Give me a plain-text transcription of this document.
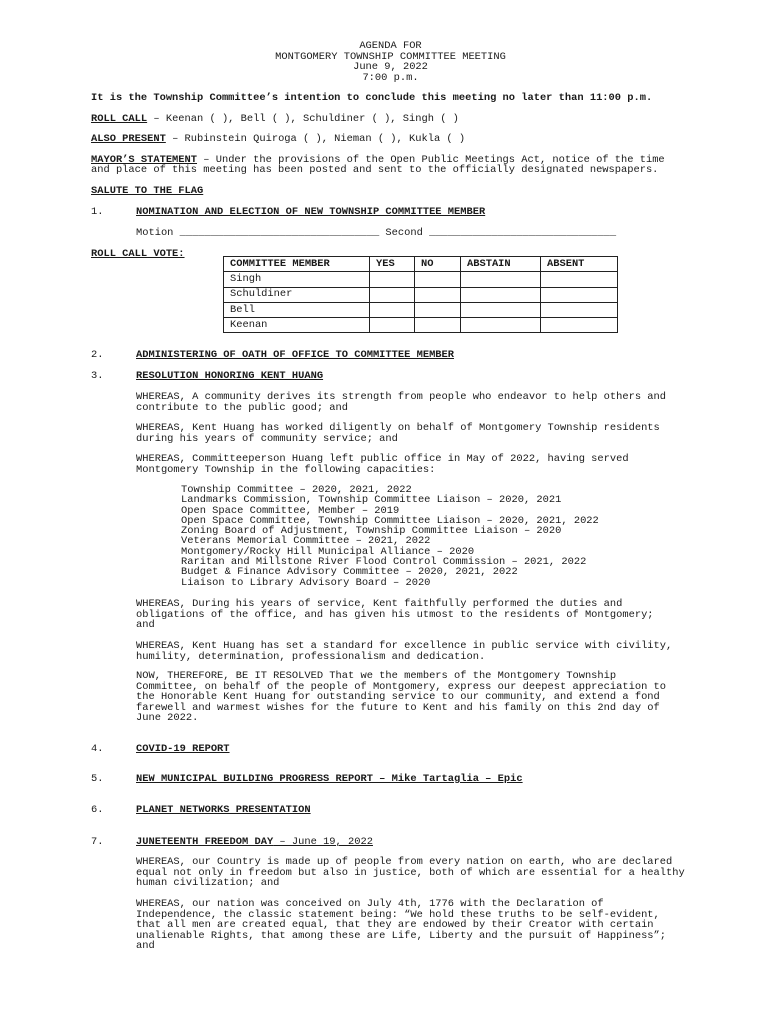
AGENDA FOR
MONTGOMERY TOWNSHIP COMMITTEE MEETING
June 9, 2022
7:00 p.m.
It is the Township Committee’s intention to conclude this meeting no later than 11:00 p.m.
ROLL CALL – Keenan ( ), Bell ( ), Schuldiner ( ), Singh ( )
ALSO PRESENT – Rubinstein Quiroga ( ), Nieman ( ), Kukla ( )
MAYOR’S STATEMENT – Under the provisions of the Open Public Meetings Act, notice of the time
and place of this meeting has been posted and sent to the officially designated newspapers.
SALUTE TO THE FLAG
1.	NOMINATION AND ELECTION OF NEW TOWNSHIP COMMITTEE MEMBER
Motion ________________________________ Second ______________________________
ROLL CALL VOTE:
COMMITTEE MEMBER	YES	NO	ABSTAIN	ABSENT
Singh				
Schuldiner				
Bell				
Keenan				
2.	ADMINISTERING OF OATH OF OFFICE TO COMMITTEE MEMBER
3.	RESOLUTION HONORING KENT HUANG
WHEREAS, A community derives its strength from people who endeavor to help others and
contribute to the public good; and
WHEREAS, Kent Huang has worked diligently on behalf of Montgomery Township residents
during his years of community service; and
WHEREAS, Committeeperson Huang left public office in May of 2022, having served
Montgomery Township in the following capacities:
Township Committee – 2020, 2021, 2022
Landmarks Commission, Township Committee Liaison – 2020, 2021
Open Space Committee, Member – 2019
Open Space Committee, Township Committee Liaison – 2020, 2021, 2022
Zoning Board of Adjustment, Township Committee Liaison – 2020
Veterans Memorial Committee – 2021, 2022
Montgomery/Rocky Hill Municipal Alliance – 2020
Raritan and Millstone River Flood Control Commission – 2021, 2022
Budget & Finance Advisory Committee – 2020, 2021, 2022
Liaison to Library Advisory Board – 2020
WHEREAS, During his years of service, Kent faithfully performed the duties and
obligations of the office, and has given his utmost to the residents of Montgomery;
and
WHEREAS, Kent Huang has set a standard for excellence in public service with civility,
humility, determination, professionalism and dedication.
NOW, THEREFORE, BE IT RESOLVED That we the members of the Montgomery Township
Committee, on behalf of the people of Montgomery, express our deepest appreciation to
the Honorable Kent Huang for outstanding service to our community, and extend a fond
farewell and warmest wishes for the future to Kent and his family on this 2nd day of
June 2022.
4.	COVID-19 REPORT
5.	NEW MUNICIPAL BUILDING PROGRESS REPORT – Mike Tartaglia – Epic
6.	PLANET NETWORKS PRESENTATION
7.	JUNETEENTH FREEDOM DAY – June 19, 2022
WHEREAS, our Country is made up of people from every nation on earth, who are declared
equal not only in freedom but also in justice, both of which are essential for a healthy
human civilization; and
WHEREAS, our nation was conceived on July 4th, 1776 with the Declaration of
Independence, the classic statement being: “We hold these truths to be self-evident,
that all men are created equal, that they are endowed by their Creator with certain
unalienable Rights, that among these are Life, Liberty and the pursuit of Happiness”;
and
